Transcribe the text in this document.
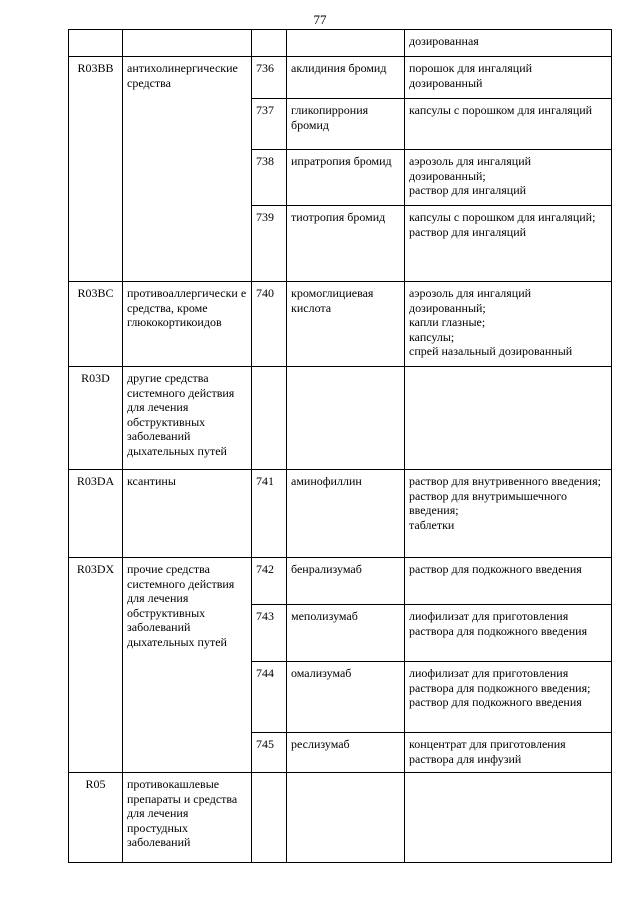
77

				дозированная

R03BB	антихолинергические средства	736	аклидиния бромид	порошок для ингаляций дозированный

		737	гликопиррония бромид	капсулы с порошком для ингаляций

		738	ипратропия бромид	аэрозоль для ингаляций дозированный;
раствор для ингаляций

		739	тиотропия бромид	капсулы с порошком для ингаляций;
раствор для ингаляций

R03BC	противоаллергически е средства, кроме глюкокортикоидов	740	кромоглициевая кислота	аэрозоль для ингаляций дозированный;
капли глазные;
капсулы;
спрей назальный дозированный

R03D	другие средства системного действия для лечения обструктивных заболеваний дыхательных путей			
R03DA	ксантины	741	аминофиллин	раствор для внутривенного введения;
раствор для внутримышечного введения;
таблетки

R03DX	прочие средства системного действия для лечения обструктивных заболеваний дыхательных путей	742	бенрализумаб	раствор для подкожного введения

		743	меполизумаб	лиофилизат для приготовления раствора для подкожного введения

		744	омализумаб	лиофилизат для приготовления раствора для подкожного введения;
раствор для подкожного введения

		745	реслизумаб	концентрат для приготовления раствора для инфузий

R05	противокашлевые препараты и средства для лечения простудных заболеваний			
